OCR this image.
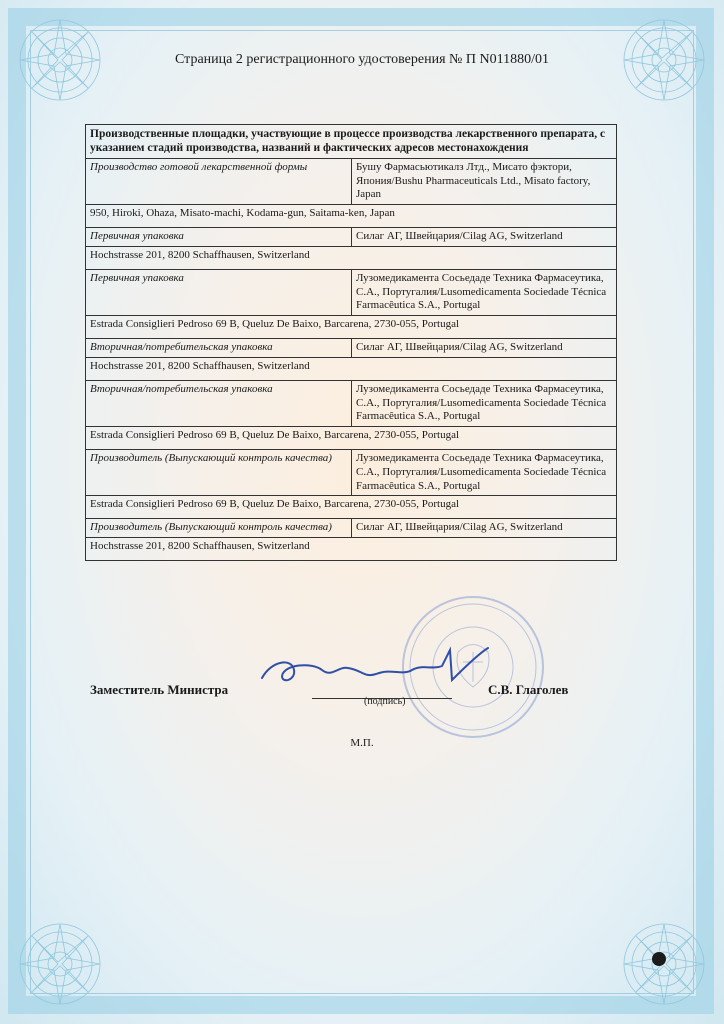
Страница 2 регистрационного удостоверения № П N011880/01
Производственные площадки, участвующие в процессе производства лекарственного препарата, с указанием стадий производства, названий и фактических адресов местонахождения	
Производство готовой лекарственной формы	Бушу Фармасьютикалз Лтд., Мисато фэктори, Япония/Bushu Pharmaceuticals Ltd., Misato factory, Japan
950, Hiroki, Ohaza, Misato-machi, Kodama-gun, Saitama-ken, Japan	
Первичная упаковка	Силаг АГ, Швейцария/Cilag AG, Switzerland
Hochstrasse 201, 8200 Schaffhausen, Switzerland	
Первичная упаковка	Лузомедикамента Сосьедаде Техника Фармасеутика, С.А., Португалия/Lusomedicamenta Sociedade Técnica Farmacêutica S.A., Portugal
Estrada Consiglieri Pedroso 69 B, Queluz De Baixo, Barcarena, 2730-055, Portugal	
Вторичная/потребительская упаковка	Силаг АГ, Швейцария/Cilag AG, Switzerland
Hochstrasse 201, 8200 Schaffhausen, Switzerland	
Вторичная/потребительская упаковка	Лузомедикамента Сосьедаде Техника Фармасеутика, С.А., Португалия/Lusomedicamenta Sociedade Técnica Farmacêutica S.A., Portugal
Estrada Consiglieri Pedroso 69 B, Queluz De Baixo, Barcarena, 2730-055, Portugal	
Производитель (Выпускающий контроль качества)	Лузомедикамента Сосьедаде Техника Фармасеутика, С.А., Португалия/Lusomedicamenta Sociedade Técnica Farmacêutica S.A., Portugal
Estrada Consiglieri Pedroso 69 B, Queluz De Baixo, Barcarena, 2730-055, Portugal	
Производитель (Выпускающий контроль качества)	Силаг АГ, Швейцария/Cilag AG, Switzerland
Hochstrasse 201, 8200 Schaffhausen, Switzerland	
Заместитель Министра
(подпись)
С.В. Глаголев
М.П.
